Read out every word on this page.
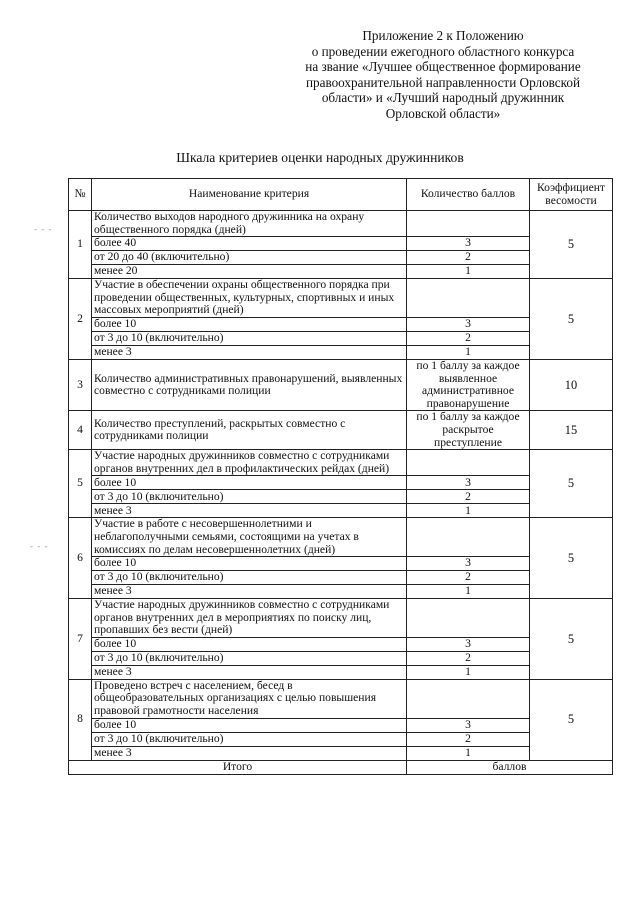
Приложение 2 к Положению
о проведении ежегодного областного конкурса
на звание «Лучшее общественное формирование
правоохранительной направленности Орловской
области» и «Лучший народный дружинник
Орловской области»
Шкала критериев оценки народных дружинников
- - -
- - -
№	Наименование критерия	Количество баллов	Коэффициент весомости
1	Количество выходов народного дружинника на охрану общественного порядка (дней)		5
	более 40	3	
	от 20 до 40 (включительно)	2	
	менее 20	1	
2	Участие в обеспечении охраны общественного порядка при проведении общественных, культурных, спортивных и иных массовых мероприятий (дней)		5
	более 10	3	
	от 3 до 10 (включительно)	2	
	менее 3	1	
3	Количество административных правонарушений, выявленных совместно с сотрудниками полиции	по 1 баллу за каждое выявленное административное правонарушение	10
4	Количество преступлений, раскрытых совместно с сотрудниками полиции	по 1 баллу за каждое раскрытое преступление	15
5	Участие народных дружинников совместно с сотрудниками органов внутренних дел в профилактических рейдах (дней)		5
	более 10	3	
	от 3 до 10 (включительно)	2	
	менее 3	1	
6	Участие в работе с несовершеннолетними и неблагополучными семьями, состоящими на учетах в комиссиях по делам несовершеннолетних (дней)		5
	более 10	3	
	от 3 до 10 (включительно)	2	
	менее 3	1	
7	Участие народных дружинников совместно с сотрудниками органов внутренних дел в мероприятиях по поиску лиц, пропавших без вести (дней)		5
	более 10	3	
	от 3 до 10 (включительно)	2	
	менее 3	1	
8	Проведено встреч с населением, бесед в общеобразовательных организациях с целью повышения правовой грамотности населения		5
	более 10	3	
	от 3 до 10 (включительно)	2	
	менее 3	1	
Итого		баллов	
